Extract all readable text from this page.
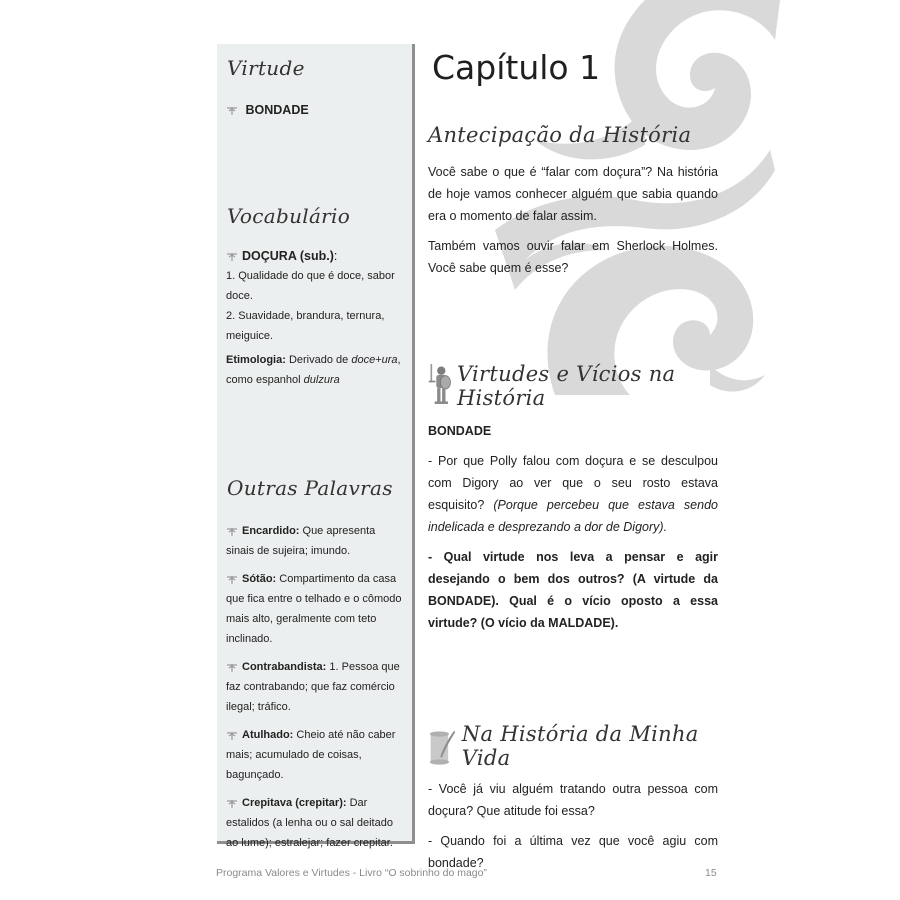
Virtude
BONDADE
Vocabulário
DOÇURA (sub.):
1. Qualidade do que é doce, sabor doce.
2. Suavidade, brandura, ternura, meiguice.
Etimologia: Derivado de doce+ura, como espanhol dulzura
Outras Palavras
Encardido: Que apresenta sinais de sujeira; imundo.
Sótão: Compartimento da casa que fica entre o telhado e o cômodo mais alto, geralmente com teto inclinado.
Contrabandista: 1. Pessoa que faz contrabando; que faz comércio ilegal; tráfico.
Atulhado: Cheio até não caber mais; acumulado de coisas, bagunçado.
Crepitava (crepitar): Dar estalidos (a lenha ou o sal deitado ao lume); estralejar; fazer crepitar.
Capítulo 1
Antecipação da História

Você sabe o que é “falar com doçura”? Na história de hoje vamos conhecer alguém que sabia quando era o momento de falar assim.

Também vamos ouvir falar em Sherlock Holmes. Você sabe quem é esse?

Virtudes e Vícios na História

BONDADE

- Por que Polly falou com doçura e se desculpou com Digory ao ver que o seu rosto estava esquisito? (Porque percebeu que estava sendo indelicada e desprezando a dor de Digory).

- Qual virtude nos leva a pensar e agir desejando o bem dos outros? (A virtude da BONDADE). Qual é o vício oposto a essa virtude? (O vício da MALDADE).

Na História da Minha Vida

- Você já viu alguém tratando outra pessoa com doçura? Que atitude foi essa?

- Quando foi a última vez que você agiu com bondade?

Programa Valores e Virtudes - Livro “O sobrinho do mago”	15
